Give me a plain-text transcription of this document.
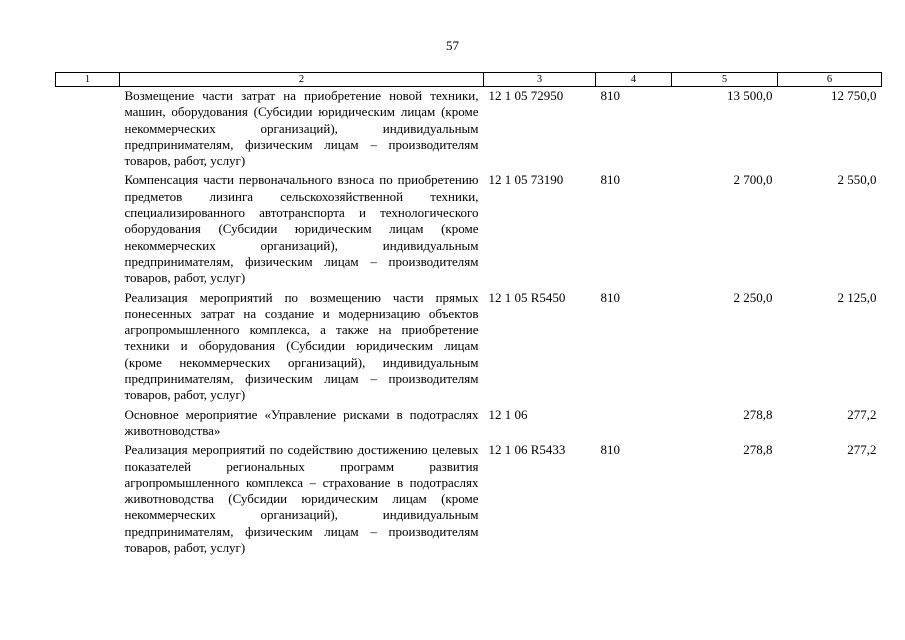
57
1	2	3	4	5	6
	Возмещение части затрат на приобретение новой техники, машин, оборудования (Субсидии юридическим лицам (кроме некоммерческих организаций), индивидуальным предпринимателям, физическим лицам – производителям товаров, работ, услуг)	12 1 05 72950	810	13 500,0	12 750,0
	Компенсация части первоначального взноса по приобретению предметов лизинга сельскохозяйственной техники, специализированного автотранспорта и технологического оборудования (Субсидии юридическим лицам (кроме некоммерческих организаций), индивидуальным предпринимателям, физическим лицам – производителям товаров, работ, услуг)	12 1 05 73190	810	2 700,0	2 550,0
	Реализация мероприятий по возмещению части прямых понесенных затрат на создание и модернизацию объектов агропромышленного комплекса, а также на приобретение техники и оборудования (Субсидии юридическим лицам (кроме некоммерческих организаций), индивидуальным предпринимателям, физическим лицам – производителям товаров, работ, услуг)	12 1 05 R5450	810	2 250,0	2 125,0
	Основное мероприятие «Управление рисками в подотраслях животноводства»	12 1 06		278,8	277,2
	Реализация мероприятий по содействию достижению целевых показателей региональных программ развития агропромышленного комплекса – страхование в подотраслях животноводства (Субсидии юридическим лицам (кроме некоммерческих организаций), индивидуальным предпринимателям, физическим лицам – производителям товаров, работ, услуг)	12 1 06 R5433	810	278,8	277,2
